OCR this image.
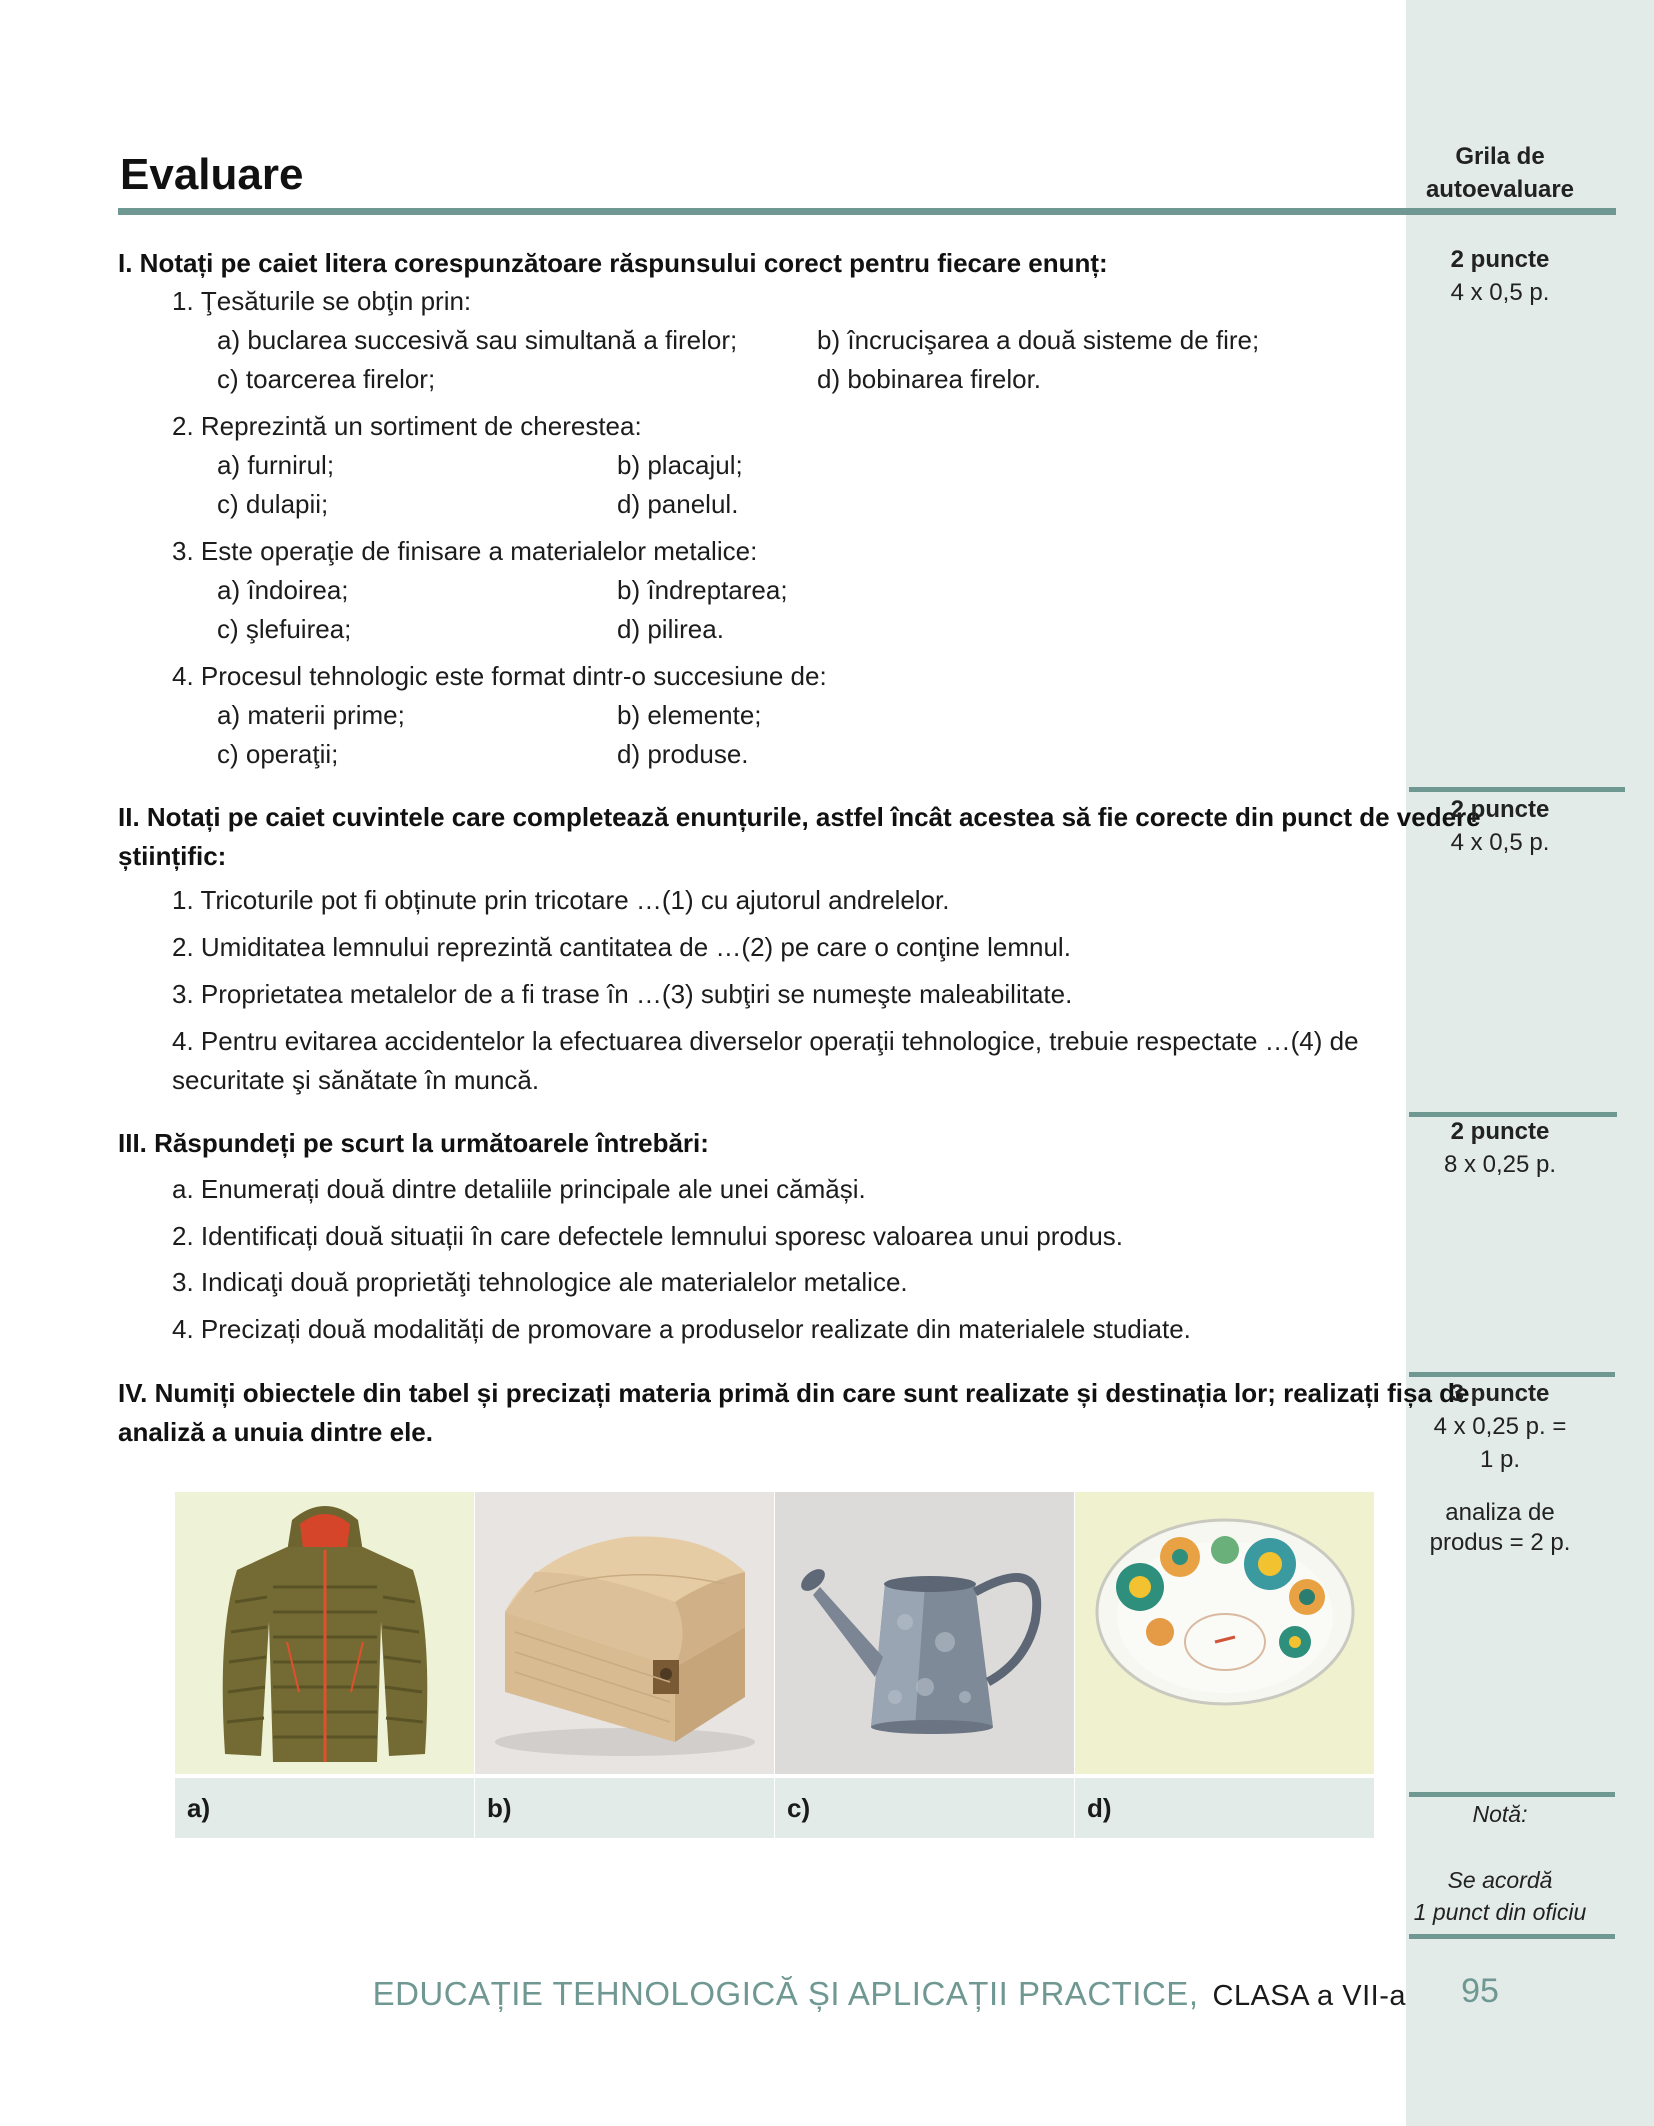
Evaluare	Grila de
autoevaluare
I. Notați pe caiet litera corespunzătoare răspunsului corect pentru fiecare enunț:	2 puncte
4 x 0,5 p.
1. Ţesăturile se obţin prin:
a) buclarea succesivă sau simultană a firelor;	b) încrucişarea a două sisteme de fire;
c) toarcerea firelor;	d) bobinarea firelor.
2. Reprezintă un sortiment de cherestea:
a) furnirul;	b) placajul;
c) dulapii;	d) panelul.
3. Este operaţie de finisare a materialelor metalice:
a) îndoirea;	b) îndreptarea;
c) şlefuirea;	d) pilirea.
4. Procesul tehnologic este format dintr-o succesiune de:
a) materii prime;	b) elemente;
c) operaţii;	d) produse.
II. Notați pe caiet cuvintele care completează enunțurile, astfel încât acestea să fie corecte din punct de vedere
științific:
2 puncte
4 x 0,5 p.
1. Tricoturile pot fi obținute prin tricotare …(1) cu ajutorul andrelelor.
2. Umiditatea lemnului reprezintă cantitatea de …(2) pe care o conţine lemnul.
3. Proprietatea metalelor de a fi trase în …(3) subţiri se numeşte maleabilitate.
4. Pentru evitarea accidentelor la efectuarea diverselor operaţii tehnologice, trebuie respectate …(4) de
securitate şi sănătate în muncă.
III. Răspundeți pe scurt la următoarele întrebări:	2 puncte
8 x 0,25 p.
a. Enumerați două dintre detaliile principale ale unei cămăși.
2. Identificați două situații în care defectele lemnului sporesc valoarea unui produs.
3. Indicaţi două proprietăţi tehnologice ale materialelor metalice.
4. Precizați două modalități de promovare a produselor realizate din materialele studiate.
IV. Numiți obiectele din tabel și precizați materia primă din care sunt realizate și destinația lor; realizați fișa de
analiză a unuia dintre ele.
3 puncte
4 x 0,25 p. =
1 p.
analiza de
produs = 2 p.
a)	b)	c)	d)	Notă:
Se acordă
1 punct din oficiu
EDUCAȚIE TEHNOLOGICĂ ȘI APLICAȚII PRACTICE, CLASA a VII-a	95
